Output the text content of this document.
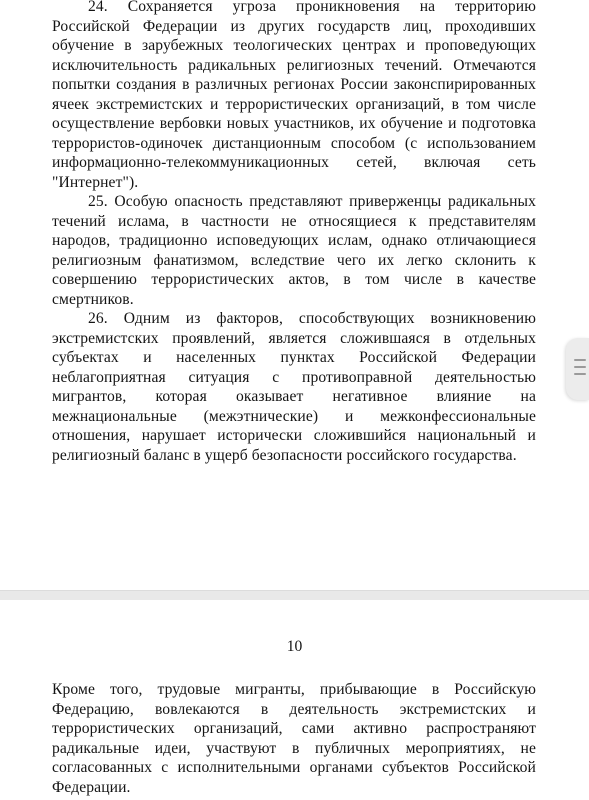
24. Сохраняется угроза проникновения на территорию Российской Федерации из других государств лиц, проходивших обучение в зарубежных теологических центрах и проповедующих исключительность радикальных религиозных течений. Отмечаются попытки создания в различных регионах России законспирированных ячеек экстремистских и террористических организаций, в том числе осуществление вербовки новых участников, их обучение и подготовка террористов-одиночек дистанционным способом (с использованием информационно-телекоммуникационных сетей, включая сеть "Интернет").

25. Особую опасность представляют приверженцы радикальных течений ислама, в частности не относящиеся к представителям народов, традиционно исповедующих ислам, однако отличающиеся религиозным фанатизмом, вследствие чего их легко склонить к совершению террористических актов, в том числе в качестве смертников.

26. Одним из факторов, способствующих возникновению экстремистских проявлений, является сложившаяся в отдельных субъектах и населенных пунктах Российской Федерации неблагоприятная ситуация с противоправной деятельностью мигрантов, которая оказывает негативное влияние на межнациональные (межэтнические) и межконфессиональные отношения, нарушает исторически сложившийся национальный и религиозный баланс в ущерб безопасности российского государства.

10

Кроме того, трудовые мигранты, прибывающие в Российскую Федерацию, вовлекаются в деятельность экстремистских и террористических организаций, сами активно распространяют радикальные идеи, участвуют в публичных мероприятиях, не согласованных с исполнительными органами субъектов Российской Федерации.
